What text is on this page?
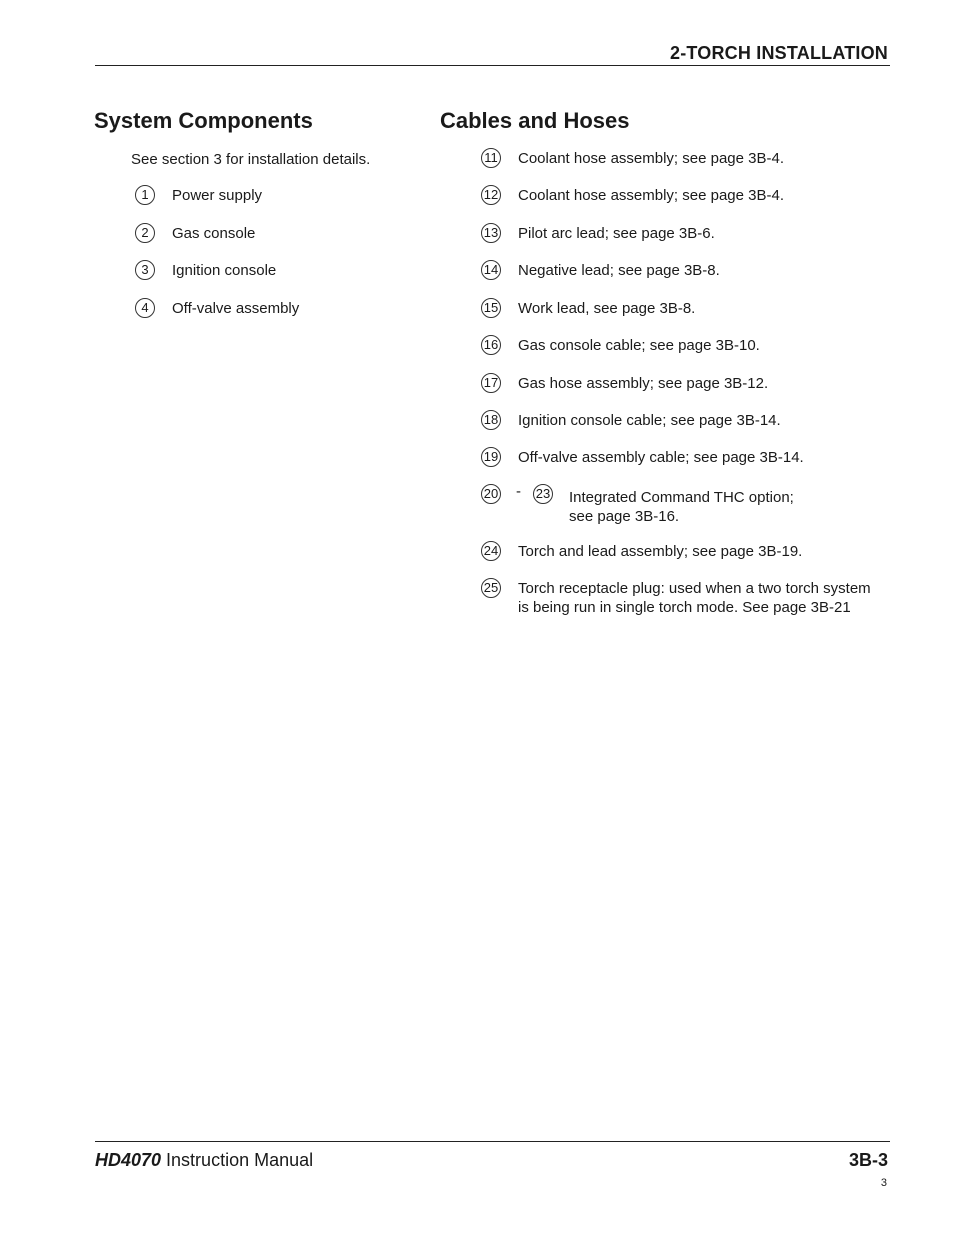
2-TORCH INSTALLATION
System Components
See section 3 for installation details.
1	Power supply
2	Gas console
3	Ignition console
4	Off-valve assembly
Cables and Hoses
11 Coolant hose assembly; see page 3B-4.
12 Coolant hose assembly; see page 3B-4.
13 Pilot arc lead; see page 3B-6.
14 Negative lead; see page 3B-8.
15 Work lead, see page 3B-8.
16 Gas console cable; see page 3B-10.
17 Gas hose assembly; see page 3B-12.
18 Ignition console cable; see page 3B-14.
19 Off-valve assembly cable; see page 3B-14.
20 - 23 Integrated Command THC option;
see page 3B-16.
24 Torch and lead assembly; see page 3B-19.
25 Torch receptacle plug: used when a two torch system
is being run in single torch mode. See page 3B-21
HD4070 Instruction Manual	3B-3
3
